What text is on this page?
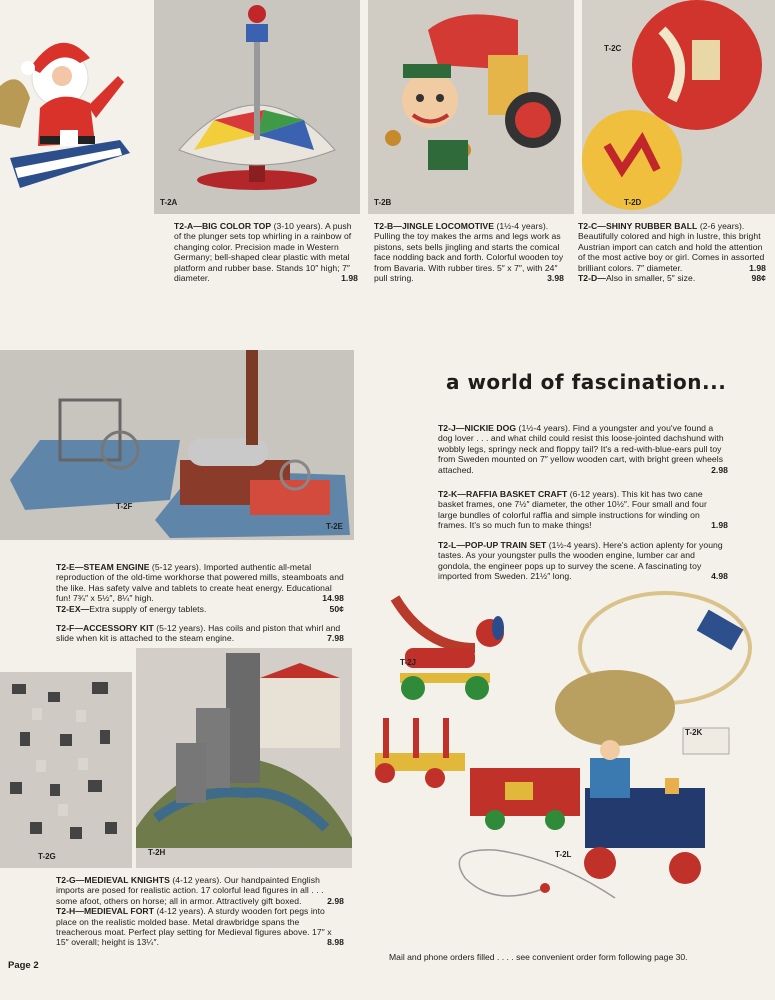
T-2A	T-2B
T-2C
T-2D

T2-A—BIG COLOR TOP (3-10 years). A push of the plunger sets top whirling in a rainbow of changing color. Precision made in Western Germany; bell-shaped clear plastic with metal platform and rubber base. Stands 10″ high; 7″ diameter.	1.98

T2-B—JINGLE LOCOMOTIVE (1½-4 years). Pulling the toy makes the arms and legs work as pistons, sets bells jingling and starts the comical face nodding back and forth. Colorful wooden toy from Bavaria. With rubber tires. 5″ x 7″, with 24″ pull string.	3.98

T2-C—SHINY RUBBER BALL (2-6 years). Beautifully colored and high in lustre, this bright Austrian import can catch and hold the attention of the most active boy or girl. Comes in assorted brilliant colors. 7″ diameter.	1.98

T2-D—Also in smaller, 5″ size.	98¢

T-2F
T-2E

T2-E—STEAM ENGINE (5-12 years). Imported authentic all-metal reproduction of the old-time workhorse that powered mills, steamboats and the like. Has safety valve and tablets to create heat energy. Educational fun! 7¾″ x 5½″, 8¼″ high.	14.98

T2-EX—Extra supply of energy tablets.	50¢

T2-F—ACCESSORY KIT (5-12 years). Has coils and piston that whirl and slide when kit is attached to the steam engine.	7.98

T-2G	T-2H

T2-G—MEDIEVAL KNIGHTS (4-12 years). Our handpainted English imports are posed for realistic action. 17 colorful lead figures in all . . . some afoot, others on horse; all in armor. Attractively gift boxed.	2.98

T2-H—MEDIEVAL FORT (4-12 years). A sturdy wooden fort pegs into place on the realistic molded base. Metal drawbridge spans the treacherous moat. Perfect play setting for Medieval figures above. 17″ x 15″ overall; height is 13¼″.	8.98

a world of fascination...

T2-J—NICKIE DOG (1½-4 years). Find a youngster and you've found a dog lover . . . and what child could resist this loose-jointed dachshund with wobbly legs, springy neck and floppy tail? It's a red-with-blue-ears pull toy from Sweden mounted on 7″ yellow wooden cart, with bright green wheels attached.	2.98

T2-K—RAFFIA BASKET CRAFT (6-12 years). This kit has two cane basket frames, one 7½″ diameter, the other 10½″. Four small and four large bundles of colorful raffia and simple instructions for winding on frames. It's so much fun to make things!	1.98

T2-L—POP-UP TRAIN SET (1½-4 years). Here's action aplenty for young tastes. As your youngster pulls the wooden engine, lumber car and gondola, the engineer pops up to survey the scene. A fascinating toy imported from Sweden. 21½″ long.	4.98

T-2J
T-2K
T-2L
Page 2
Mail and phone orders filled . . . . see convenient order form following page 30.
